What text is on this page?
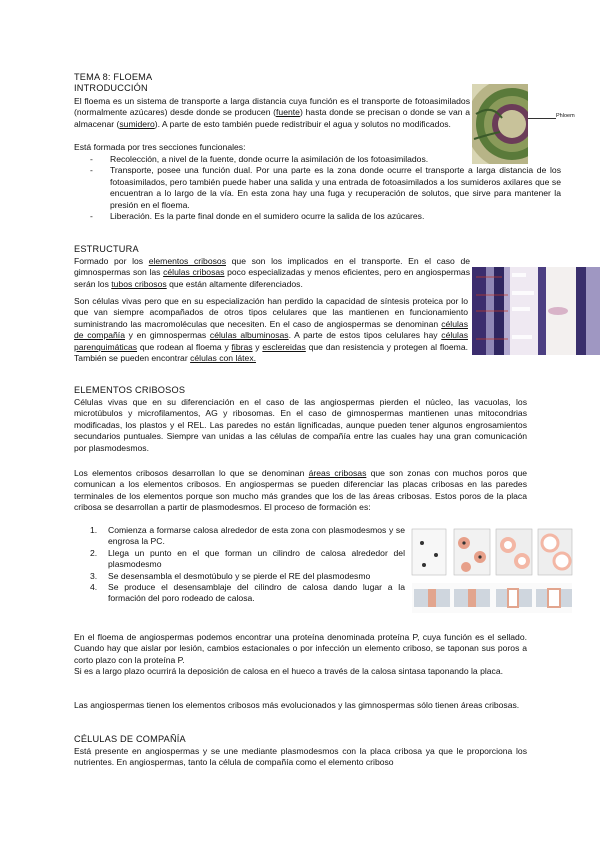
TEMA 8: FLOEMA
INTRODUCCIÓN

El floema es un sistema de transporte a larga distancia cuya función es el transporte de fotoasimilados (normalmente azúcares) desde donde se producen (fuente) hasta donde se precisan o donde se van a almacenar (sumidero). A parte de esto también puede redistribuir el agua y solutos no modificados.

Está formada por tres secciones funcionales:
- Recolección, a nivel de la fuente, donde ocurre la asimilación de los fotoasimilados.
- Transporte, posee una función dual. Por una parte es la zona donde ocurre el transporte a larga distancia de los fotoasimilados, pero también puede haber una salida y una entrada de fotoasimilados a los sumideros axilares que se encuentran a lo largo de la vía. En esta zona hay una fuga y recuperación de solutos, que sirve para mantener la presión en el floema.
- Liberación. Es la parte final donde en el sumidero ocurre la salida de los azúcares.
Phloem
ESTRUCTURA

Formado por los elementos cribosos que son los implicados en el transporte. En el caso de gimnospermas son las células cribosas poco especializadas y menos eficientes, pero en angiospermas serán los tubos cribosos que están altamente diferenciados.

Son células vivas pero que en su especialización han perdido la capacidad de síntesis proteica por lo que van siempre acompañados de otros tipos celulares que las mantienen en funcionamiento suministrando las macromoléculas que necesiten. En el caso de angiospermas se denominan células de compañía y en gimnospermas células albuminosas. A parte de estos tipos celulares hay células parenquimáticas que rodean al floema y fibras y esclereidas que dan resistencia y protegen al floema. También se pueden encontrar células con látex.

ELEMENTOS CRIBOSOS

Células vivas que en su diferenciación en el caso de las angiospermas pierden el núcleo, las vacuolas, los microtúbulos y microfilamentos, AG y ribosomas. En el caso de gimnospermas mantienen unas mitocondrias modificadas, los plastos y el REL. Las paredes no están lignificadas, aunque pueden tener algunos engrosamientos secundarios puntuales. Siempre van unidas a las células de compañía entre las cuales hay una gran comunicación por plasmodesmos.

Los elementos cribosos desarrollan lo que se denominan áreas cribosas que son zonas con muchos poros que comunican a los elementos cribosos. En angiospermas se pueden diferenciar las placas cribosas en las paredes terminales de los elementos porque son mucho más grandes que los de las áreas cribosas. Estos poros de la placa cribosa se desarrollan a partir de plasmodesmos. El proceso de formación es:

1. Comienza a formarse calosa alrededor de esta zona con plasmodesmos y se engrosa la PC.
2. Llega un punto en el que forman un cilindro de calosa alrededor del plasmodesmo
3. Se desensambla el desmotúbulo y se pierde el RE del plasmodesmo
4. Se produce el desensamblaje del cilindro de calosa dando lugar a la formación del poro rodeado de calosa.

En el floema de angiospermas podemos encontrar una proteína denominada proteína P, cuya función es el sellado. Cuando hay que aislar por lesión, cambios estacionales o por infección un elemento criboso, se taponan sus poros a corto plazo con la proteína P.

Si es a largo plazo ocurrirá la deposición de calosa en el hueco a través de la calosa sintasa taponando la placa.

Las angiospermas tienen los elementos cribosos más evolucionados y las gimnospermas sólo tienen áreas cribosas.

CÉLULAS DE COMPAÑÍA

Está presente en angiospermas y se une mediante plasmodesmos con la placa cribosa ya que le proporciona los nutrientes. En angiospermas, tanto la célula de compañía como el elemento criboso
